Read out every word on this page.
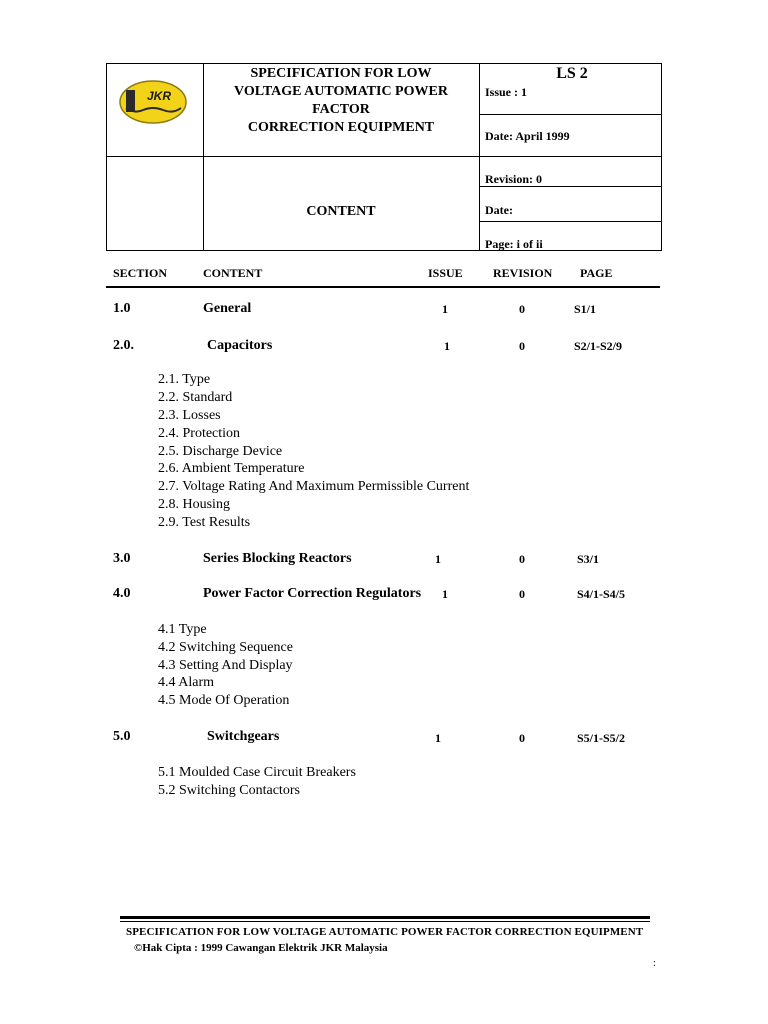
JKR
SPECIFICATION FOR LOW
VOLTAGE AUTOMATIC POWER
FACTOR
CORRECTION EQUIPMENT
CONTENT
LS 2
Issue : 1
Date: April 1999
Revision: 0
Date:
Page: i of ii
SECTION	CONTENT	ISSUE	REVISION PAGE
1.0	General	1	0	S1/1
2.0.	Capacitors	1	0	S2/1-S2/9
2.1. Type
2.2. Standard
2.3. Losses
2.4. Protection
2.5. Discharge Device
2.6. Ambient Temperature
2.7. Voltage Rating And Maximum Permissible Current
2.8. Housing
2.9. Test Results
3.0	Series Blocking Reactors	1	0	S3/1
4.0	Power Factor Correction Regulators 1	0	S4/1-S4/5
4.1 Type
4.2 Switching Sequence
4.3 Setting And Display
4.4 Alarm
4.5 Mode Of Operation
5.0	Switchgears	1	0	S5/1-S5/2
5.1 Moulded Case Circuit Breakers
5.2 Switching Contactors
SPECIFICATION FOR LOW VOLTAGE AUTOMATIC POWER FACTOR CORRECTION EQUIPMENT
©Hak Cipta : 1999 Cawangan Elektrik JKR Malaysia
:
